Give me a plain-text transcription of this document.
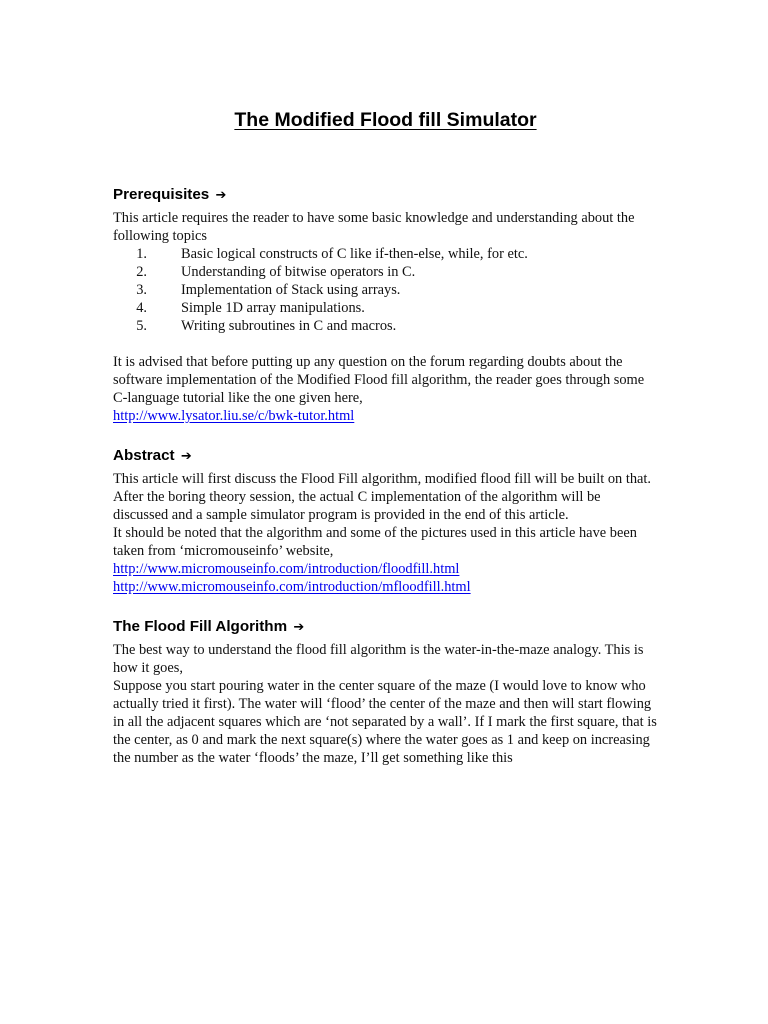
The Modified Flood fill Simulator
Prerequisites ➔

This article requires the reader to have some basic knowledge and understanding about the following topics

1. Basic logical constructs of C like if-then-else, while, for etc.
2. Understanding of bitwise operators in C.
3. Implementation of Stack using arrays.
4. Simple 1D array manipulations.
5. Writing subroutines in C and macros.

It is advised that before putting up any question on the forum regarding doubts about the software implementation of the Modified Flood fill algorithm, the reader goes through some C-language tutorial like the one given here,

http://www.lysator.liu.se/c/bwk-tutor.html
Abstract ➔

This article will first discuss the Flood Fill algorithm, modified flood fill will be built on that. After the boring theory session, the actual C implementation of the algorithm will be discussed and a sample simulator program is provided in the end of this article.

It should be noted that the algorithm and some of the pictures used in this article have been taken from ‘micromouseinfo’ website,

http://www.micromouseinfo.com/introduction/floodfill.html
http://www.micromouseinfo.com/introduction/mfloodfill.html
The Flood Fill Algorithm ➔

The best way to understand the flood fill algorithm is the water-in-the-maze analogy. This is how it goes,

Suppose you start pouring water in the center square of the maze (I would love to know who actually tried it first). The water will ‘flood’ the center of the maze and then will start flowing in all the adjacent squares which are ‘not separated by a wall’. If I mark the first square, that is the center, as 0 and mark the next square(s) where the water goes as 1 and keep on increasing the number as the water ‘floods’ the maze, I’ll get something like this
